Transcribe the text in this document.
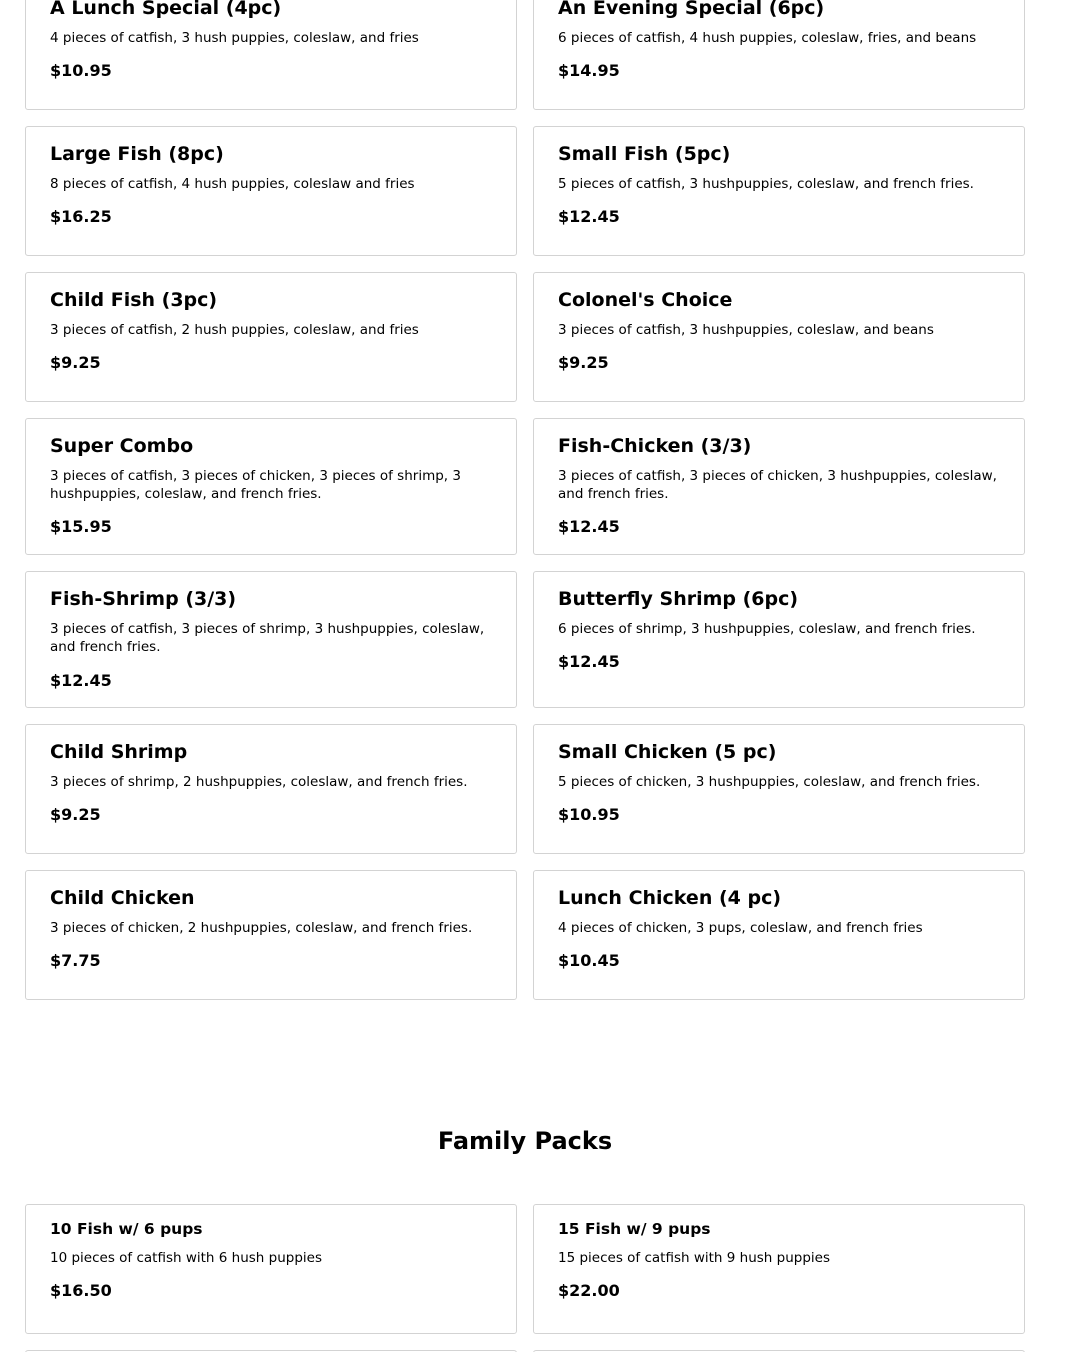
A Lunch Special (4pc)

4 pieces of catfish, 3 hush puppies, coleslaw, and fries

$10.95

An Evening Special (6pc)

6 pieces of catfish, 4 hush puppies, coleslaw, fries, and beans

$14.95

Large Fish (8pc)

8 pieces of catfish, 4 hush puppies, coleslaw and fries

$16.25

Small Fish (5pc)

5 pieces of catfish, 3 hushpuppies, coleslaw, and french fries.

$12.45

Child Fish (3pc)

3 pieces of catfish, 2 hush puppies, coleslaw, and fries

$9.25

Colonel's Choice

3 pieces of catfish, 3 hushpuppies, coleslaw, and beans

$9.25

Super Combo

3 pieces of catfish, 3 pieces of chicken, 3 pieces of shrimp, 3 hushpuppies, coleslaw, and french fries.

$15.95

Fish-Chicken (3/3)

3 pieces of catfish, 3 pieces of chicken, 3 hushpuppies, coleslaw, and french fries.

$12.45

Fish-Shrimp (3/3)

3 pieces of catfish, 3 pieces of shrimp, 3 hushpuppies, coleslaw, and french fries.

$12.45

Butterfly Shrimp (6pc)

6 pieces of shrimp, 3 hushpuppies, coleslaw, and french fries.

$12.45

Child Shrimp

3 pieces of shrimp, 2 hushpuppies, coleslaw, and french fries.

$9.25

Small Chicken (5 pc)

5 pieces of chicken, 3 hushpuppies, coleslaw, and french fries.

$10.95

Child Chicken

3 pieces of chicken, 2 hushpuppies, coleslaw, and french fries.

$7.75

Lunch Chicken (4 pc)

4 pieces of chicken, 3 pups, coleslaw, and french fries

$10.45

Family Packs
10 Fish w/ 6 pups

10 pieces of catfish with 6 hush puppies

$16.50

15 Fish w/ 9 pups

15 pieces of catfish with 9 hush puppies

$22.00
